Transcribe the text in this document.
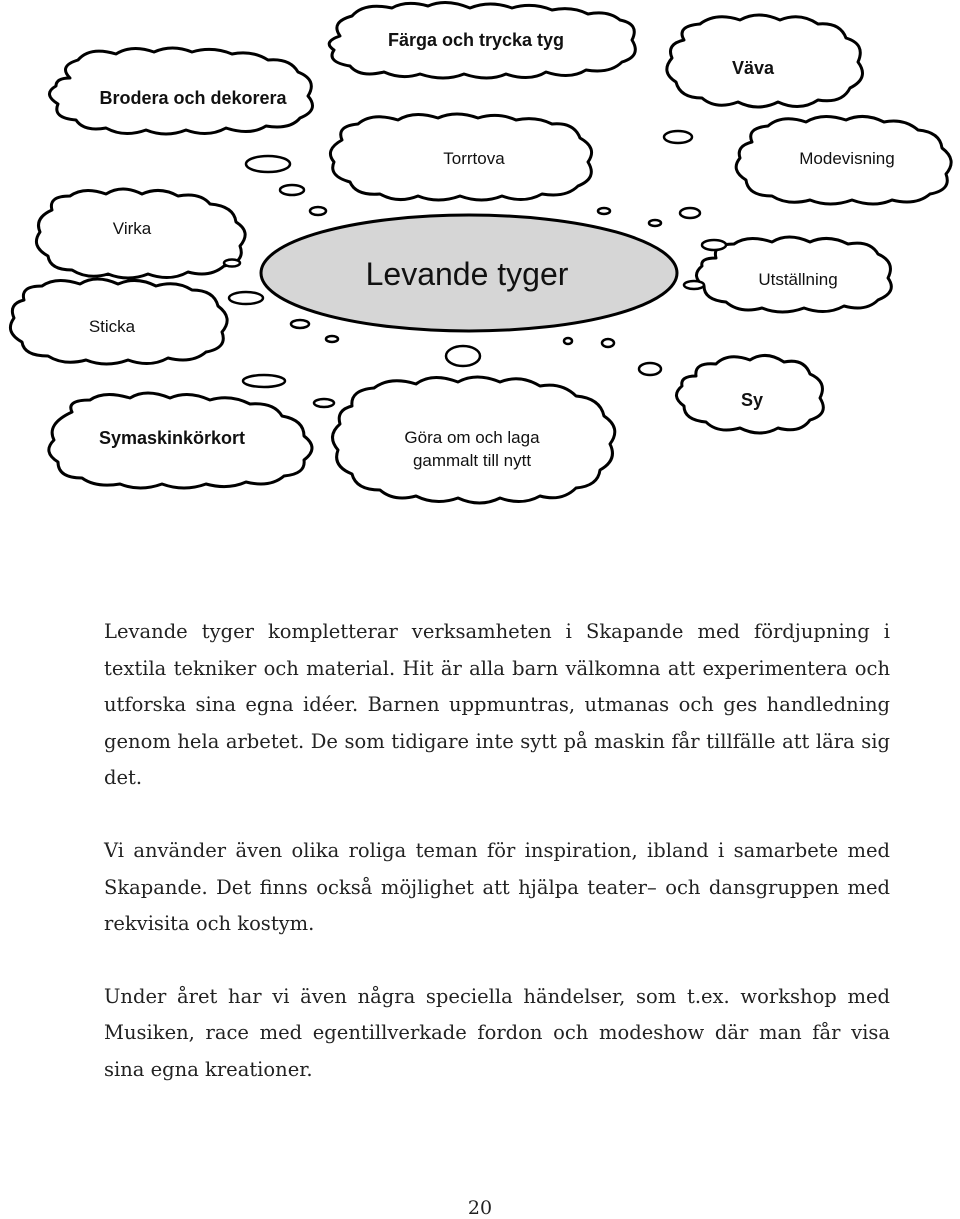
Färga och trycka tyg
Brodera och dekorera
Väva
Torrtova	Modevisning
Virka
Utställning
Sticka
Sy
Symaskinkörkort	Göra om och laga
gammalt till nytt
Levande tyger

Levande tyger kompletterar verksamheten i Skapande med fördjupning i textila tekniker och material. Hit är alla barn välkomna att experimentera och utforska sina egna idéer. Barnen uppmuntras, utmanas och ges handledning genom hela arbetet. De som tidigare inte sytt på maskin får tillfälle att lära sig det.

Vi använder även olika roliga teman för inspiration, ibland i samarbete med Skapande. Det finns också möjlighet att hjälpa teater– och dansgruppen med rekvisita och kostym.

Under året har vi även några speciella händelser, som t.ex. workshop med Musiken, race med egentillverkade fordon och modeshow där man får visa sina egna kreationer.

20
